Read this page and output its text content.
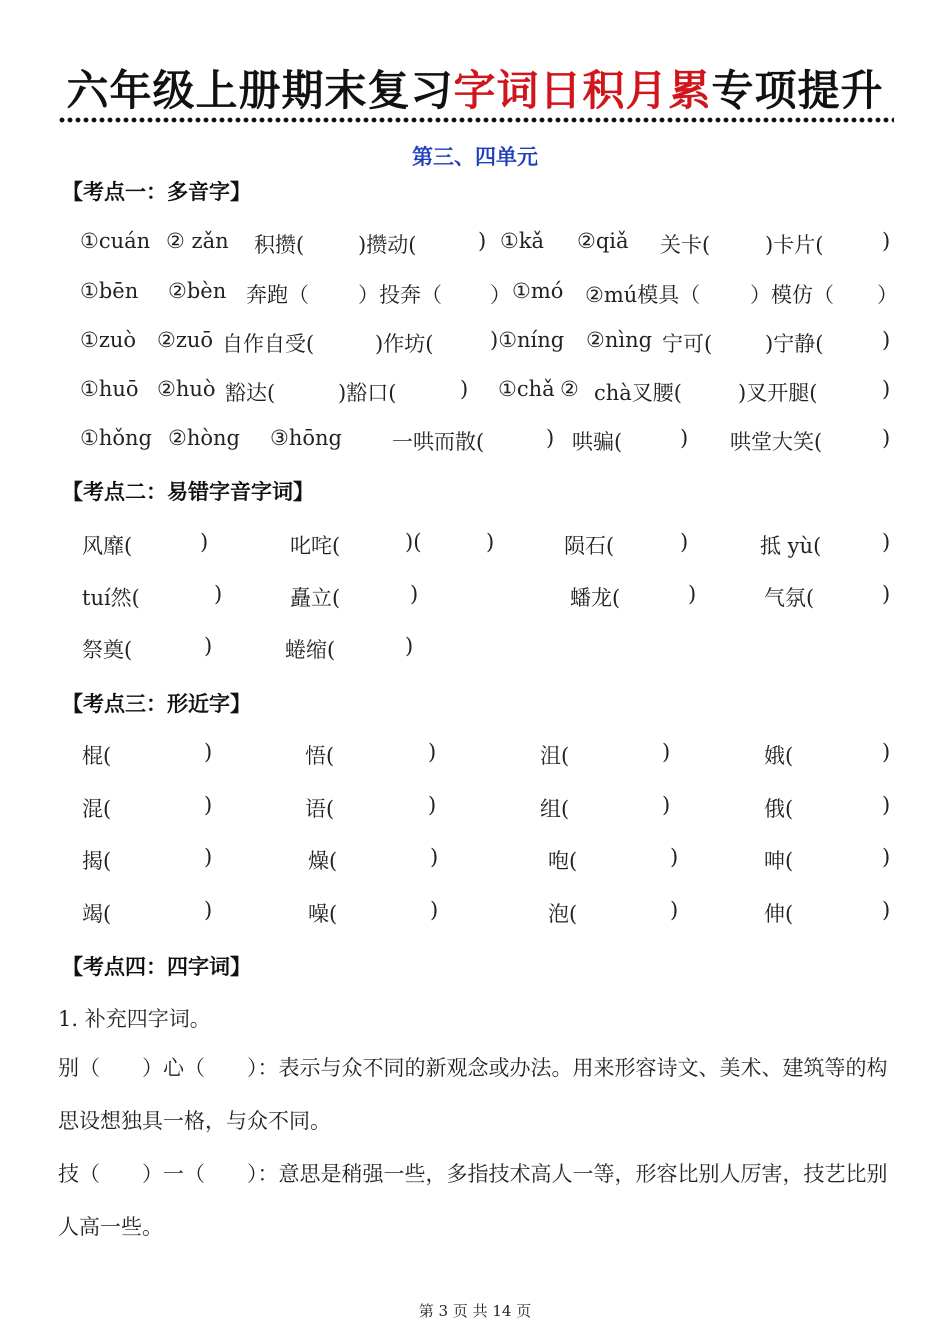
六年级上册期末复习字词日积月累专项提升
第三、四单元
【考点一：多音字】
①cuán ② zǎn 积攒(	)攒动(	) ①kǎ ②qiǎ 关卡(	)卡片(	)
①bēn ②bèn 奔跑（ ）投奔（ ） ①mó ②mú模具（ ）模仿（ ）
①zuò ②zuō 自作自受(	)作坊(	)①níng ②nìng 宁可(	)宁静(	)
①huō ②huò 豁达(	)豁口(	) ①chǎ ② chà叉腰(	)叉开腿(	)
①hǒng ②hòng ③hōng 一哄而散(	) 哄骗(	) 哄堂大笑(	)
【考点二：易错字音字词】
风靡(	)	叱咤(	)(	)	陨石(	)	抵 yù(	)
tuí然(	)	矗立(	)	蟠龙(	)	气氛(	)
祭奠(	)	蜷缩(	)
【考点三：形近字】
棍(	)	悟(	)	沮(	)	娥(	)
混(	)	语(	)	组(	)	俄(	)
揭(	)	燥(	)	咆(	)	呻(	)
竭(	)	噪(	)	泡(	)	伸(	)
【考点四：四字词】
1. 补充四字词。
别（　　）心（　　）：表示与众不同的新观念或办法。用来形容诗文、美术、建筑等的构思设想独具一格，与众不同。
技（　　）一（　　）：意思是稍强一些，多指技术高人一等，形容比别人厉害，技艺比别人高一些。
第 3 页 共 14 页
